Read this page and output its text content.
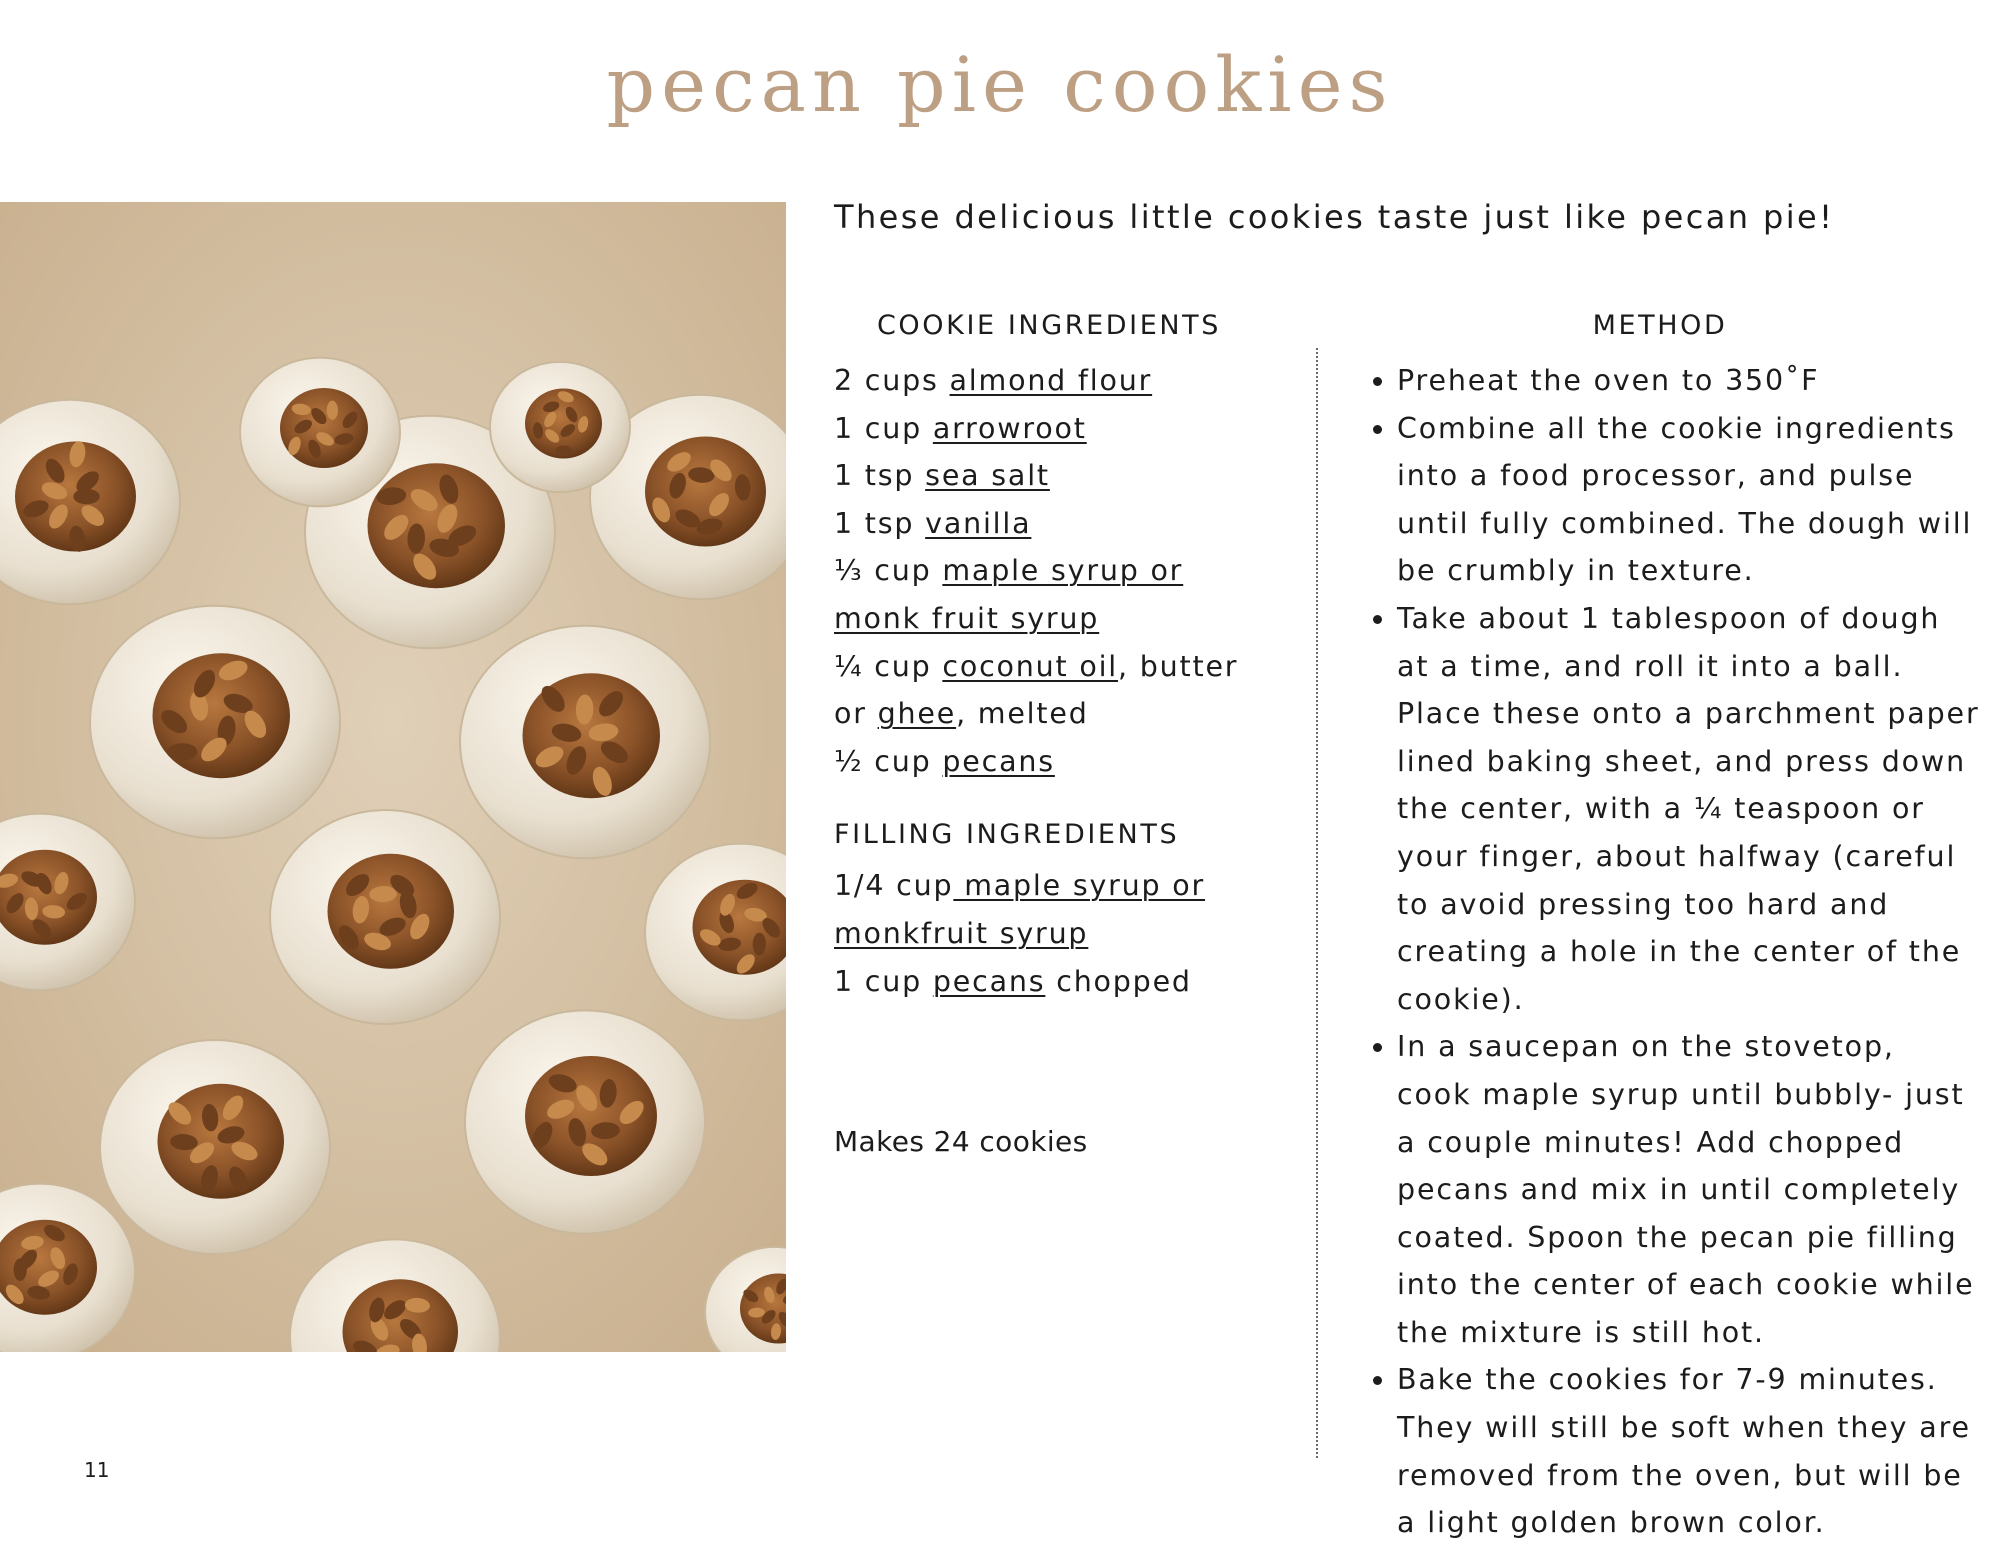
pecan pie cookies

These delicious little cookies taste just like pecan pie!

COOKIE INGREDIENTS
2 cups almond flour
1 cup arrowroot
1 tsp sea salt
1 tsp vanilla
⅓ cup maple syrup or monk fruit syrup
¼ cup coconut oil, butter or ghee, melted
½ cup pecans
FILLING INGREDIENTS
1/4 cup maple syrup or monkfruit syrup
1 cup pecans chopped

Makes 24 cookies

METHOD
• Preheat the oven to 350˚F
• Combine all the cookie ingredients into a food processor, and pulse until fully combined. The dough will be crumbly in texture.
• Take about 1 tablespoon of dough at a time, and roll it into a ball. Place these onto a parchment paper lined baking sheet, and press down the center, with a ¼ teaspoon or your finger, about halfway (careful to avoid pressing too hard and creating a hole in the center of the cookie).
• In a saucepan on the stovetop, cook maple syrup until bubbly- just a couple minutes! Add chopped pecans and mix in until completely coated. Spoon the pecan pie filling into the center of each cookie while the mixture is still hot.
• Bake the cookies for 7-9 minutes. They will still be soft when they are removed from the oven, but will be a light golden brown color.

11
